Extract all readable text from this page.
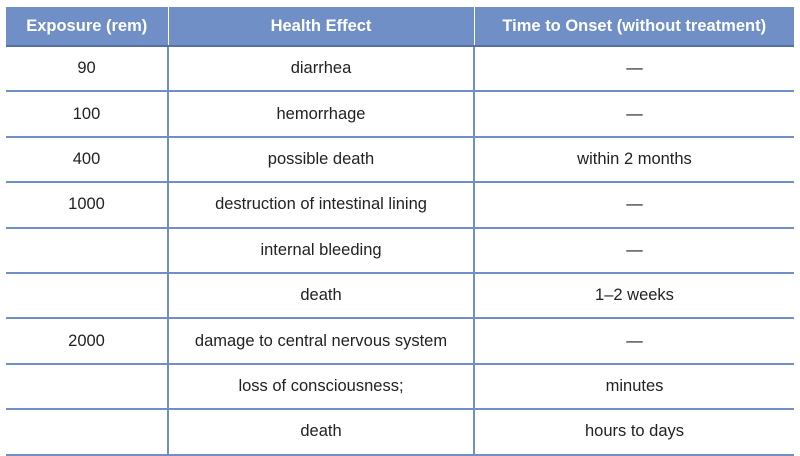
Exposure (rem)	Health Effect	Time to Onset (without treatment)
90	diarrhea	—
100	hemorrhage	—
400	possible death	within 2 months
1000	destruction of intestinal lining	—
	internal bleeding	—
	death	1–2 weeks
2000	damage to central nervous system	—
	loss of consciousness;	minutes
	death	hours to days
